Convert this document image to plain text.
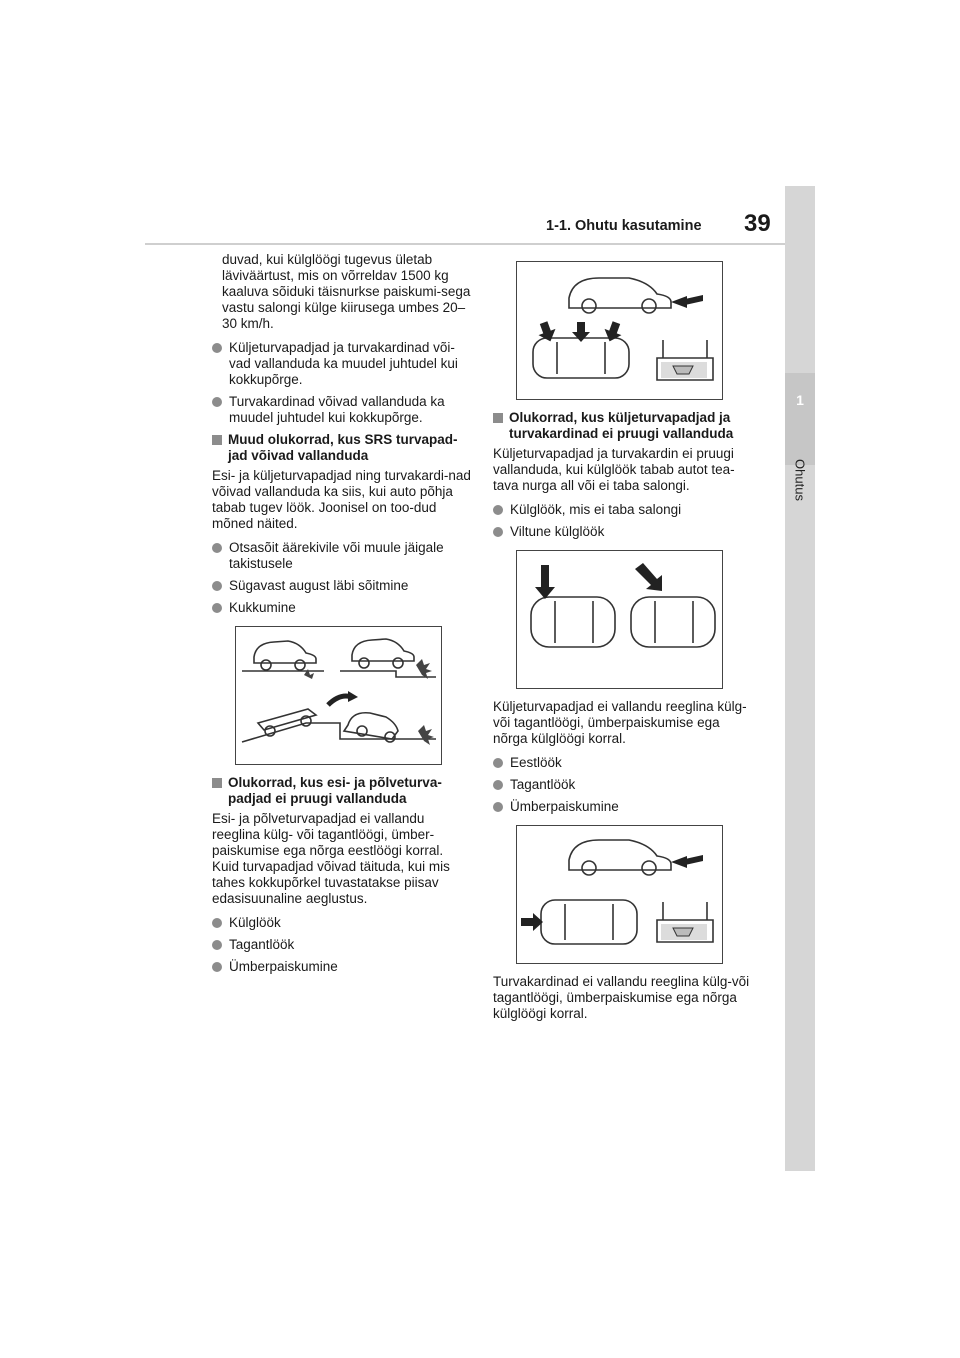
1
Ohutus
1-1. Ohutu kasutamine 39

duvad, kui külglöögi tugevus ületab läviväärtust, mis on võrreldav 1500 kg kaaluva sõiduki täisnurkse paiskumi-sega vastu salongi külge kiirusega umbes 20–30 km/h.

Küljeturvapadjad ja turvakardinad või-vad vallanduda ka muudel juhtudel kui kokkupõrge.
Turvakardinad võivad vallanduda ka muudel juhtudel kui kokkupõrge.
Muud olukorrad, kus SRS turvapad-jad võivad vallanduda

Esi- ja küljeturvapadjad ning turvakardi-nad võivad vallanduda ka siis, kui auto põhja tabab tugev löök. Joonisel on too-dud mõned näited.

Otsasõit äärekivile või muule jäigale takistusele
Sügavast august läbi sõitmine
Kukkumine
Olukorrad, kus esi- ja põlveturva-padjad ei pruugi vallanduda

Esi- ja põlveturvapadjad ei vallandu reeglina külg- või tagantlöögi, ümber-paiskumise ega nõrga eestlöögi korral. Kuid turvapadjad võivad täituda, kui mis tahes kokkupõrkel tuvastatakse piisav edasisuunaline aeglustus.

Külglöök
Tagantlöök
Ümberpaiskumine
Olukorrad, kus küljeturvapadjad ja turvakardinad ei pruugi vallanduda

Küljeturvapadjad ja turvakardin ei pruugi vallanduda, kui külglöök tabab autot tea-tava nurga all või ei taba salongi.

Külglöök, mis ei taba salongi
Viltune külglöök

Küljeturvapadjad ei vallandu reeglina külg- või tagantlöögi, ümberpaiskumise ega nõrga külglöögi korral.

Eestlöök
Tagantlöök
Ümberpaiskumine

Turvakardinad ei vallandu reeglina külg-või tagantlöögi, ümberpaiskumise ega nõrga külglöögi korral.
